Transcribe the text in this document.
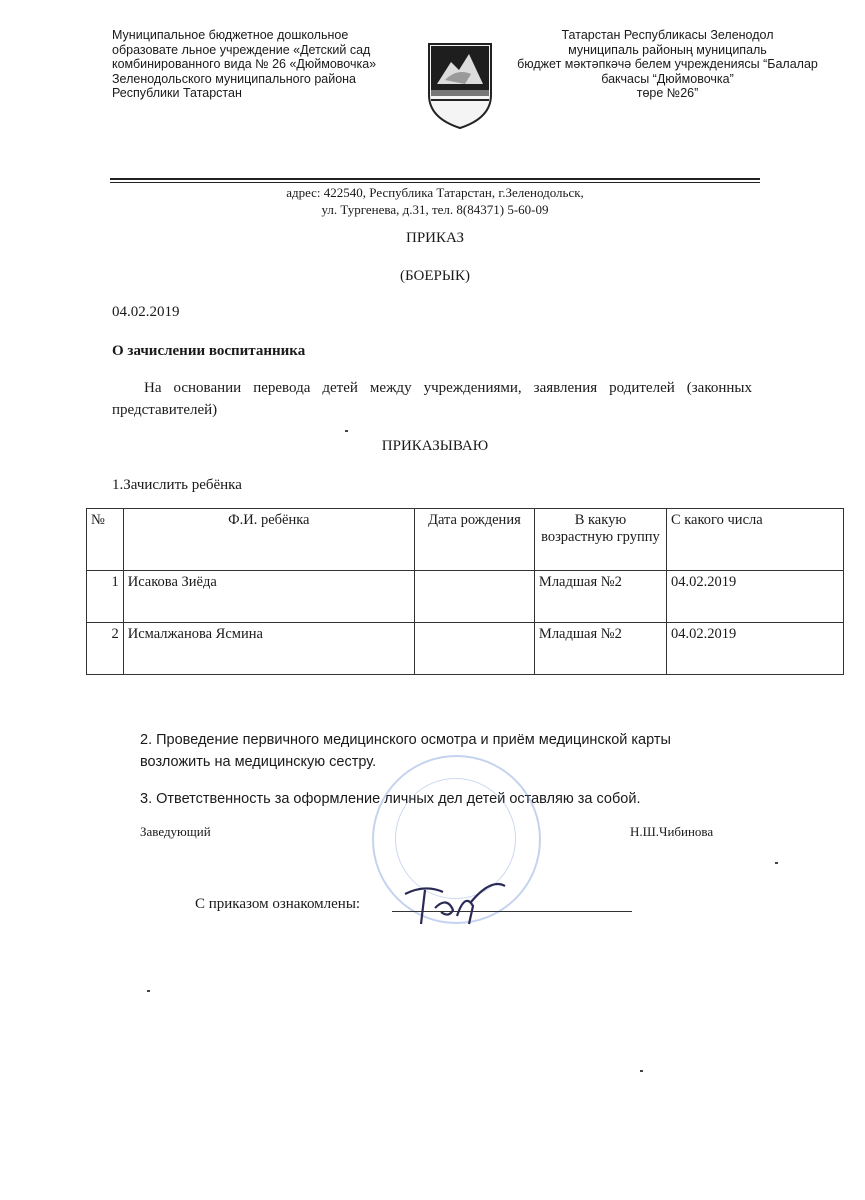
Муниципальное бюджетное дошкольное
образовате льное учреждение «Детский сад
комбинированного вида № 26 «Дюймовочка»
Зеленодольского муниципального района
Республики Татарстан
Татарстан Республикасы Зеленодол
муниципаль районың муниципаль
бюджет мәктәпкәчә белем учреждениясы “Балалар
бакчасы “Дюймовочка”
төре №26”
адрес: 422540, Республика Татарстан, г.Зеленодольск,
ул. Тургенева, д.31, тел. 8(84371) 5-60-09
ПРИКАЗ
(БОЕРЫК)
04.02.2019
О зачислении воспитанника
На основании перевода детей между учреждениями, заявления родителей (законных представителей)
ПРИКАЗЫВАЮ
1.Зачислить ребёнка
№	Ф.И. ребёнка	Дата рождения	В какую возрастную группу	С какого числа
1	Исакова Зиёда		Младшая №2	04.02.2019
2	Исмалжанова Ясмина		Младшая №2	04.02.2019
2. Проведение первичного медицинского осмотра и приём медицинской карты
возложить на медицинскую сестру.
3. Ответственность за оформление личных дел детей оставляю за собой.
Заведующий	Н.Ш.Чибинова
С приказом ознакомлены:
